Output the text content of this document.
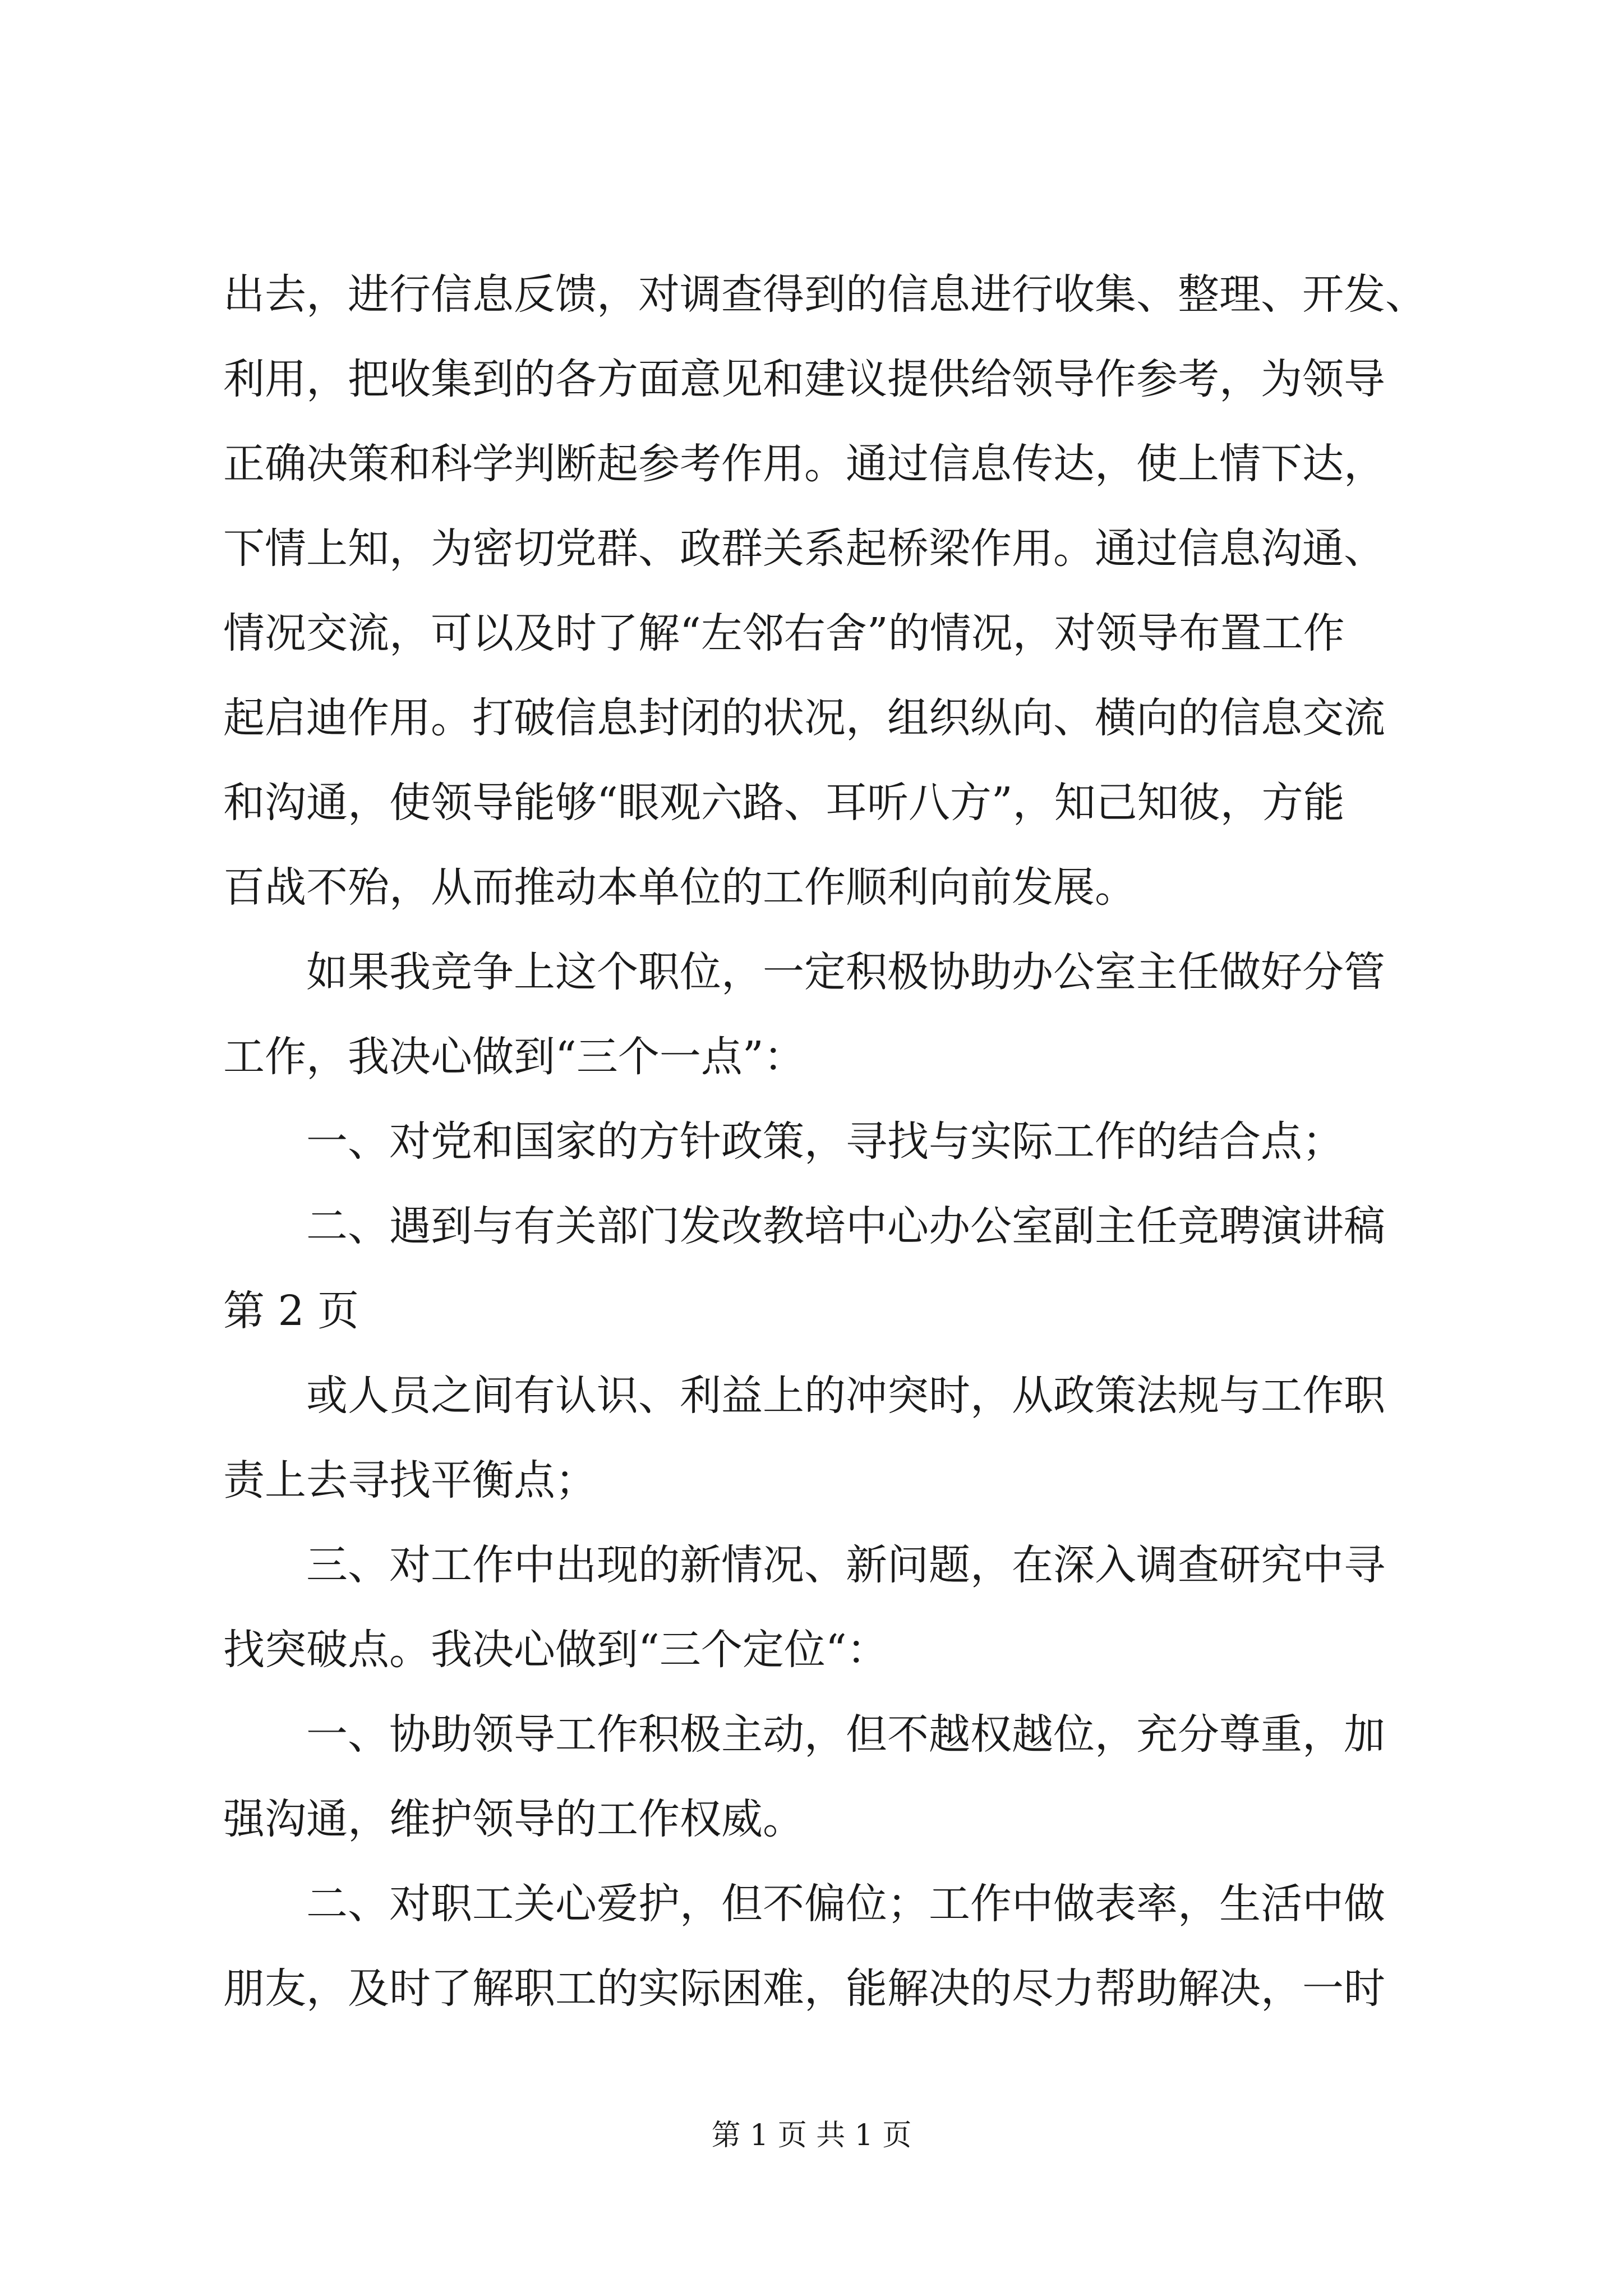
出去，进行信息反馈，对调查得到的信息进行收集、整理、开发、
利用，把收集到的各方面意见和建议提供给领导作参考，为领导
正确决策和科学判断起参考作用。通过信息传达，使上情下达，
下情上知，为密切党群、政群关系起桥梁作用。通过信息沟通、
情况交流，可以及时了解“左邻右舍”的情况，对领导布置工作
起启迪作用。打破信息封闭的状况，组织纵向、横向的信息交流
和沟通，使领导能够“眼观六路、耳听八方”，知己知彼，方能
百战不殆，从而推动本单位的工作顺利向前发展。
如果我竞争上这个职位，一定积极协助办公室主任做好分管
工作，我决心做到“三个一点”：
一、对党和国家的方针政策，寻找与实际工作的结合点；
二、遇到与有关部门发改教培中心办公室副主任竞聘演讲稿
第 2 页
或人员之间有认识、利益上的冲突时，从政策法规与工作职
责上去寻找平衡点；
三、对工作中出现的新情况、新问题，在深入调查研究中寻
找突破点。我决心做到“三个定位“：
一、协助领导工作积极主动，但不越权越位，充分尊重，加
强沟通，维护领导的工作权威。
二、对职工关心爱护，但不偏位；工作中做表率，生活中做
朋友，及时了解职工的实际困难，能解决的尽力帮助解决，一时
第 1 页 共 1 页
